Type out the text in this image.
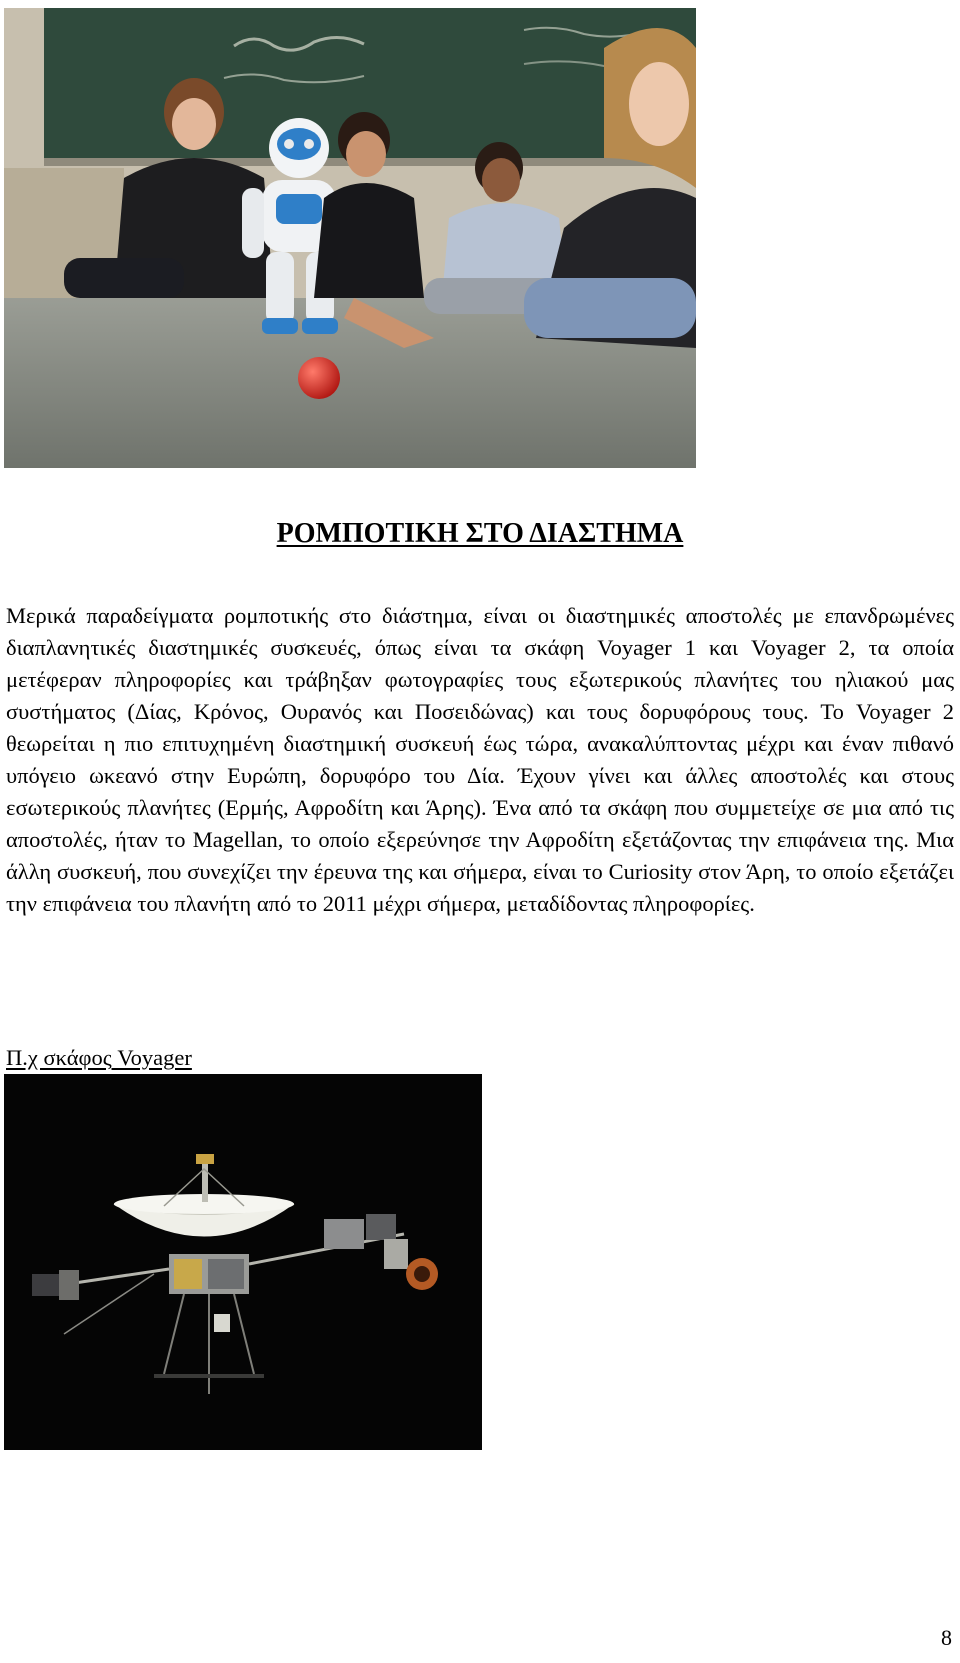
ΡΟΜΠΟΤΙΚΗ ΣΤΟ ΔΙΑΣΤΗΜΑ

Μερικά παραδείγματα ρομποτικής στο διάστημα, είναι οι διαστημικές αποστολές με επανδρωμένες διαπλανητικές διαστημικές συσκευές, όπως είναι τα σκάφη Voyager 1 και Voyager 2, τα οποία μετέφεραν πληροφορίες και τράβηξαν φωτογραφίες τους εξωτερικούς πλανήτες του ηλιακού μας συστήματος (Δίας, Κρόνος, Ουρανός και Ποσειδώνας) και τους δορυφόρους τους. Το Voyager 2 θεωρείται η πιο επιτυχημένη διαστημική συσκευή έως τώρα, ανακαλύπτοντας μέχρι και έναν πιθανό υπόγειο ωκεανό στην Ευρώπη, δορυφόρο του Δία. Έχουν γίνει και άλλες αποστολές και στους εσωτερικούς πλανήτες (Ερμής, Αφροδίτη και Άρης). Ένα από τα σκάφη που συμμετείχε σε μια από τις αποστολές, ήταν το Magellan, το οποίο εξερεύνησε την Αφροδίτη εξετάζοντας την επιφάνεια της. Μια άλλη συσκευή, που συνεχίζει την έρευνα της και σήμερα, είναι το Curiosity στον Άρη, το οποίο εξετάζει την επιφάνεια του πλανήτη από το 2011 μέχρι σήμερα, μεταδίδοντας πληροφορίες.

Π.χ σκάφος Voyager

8
